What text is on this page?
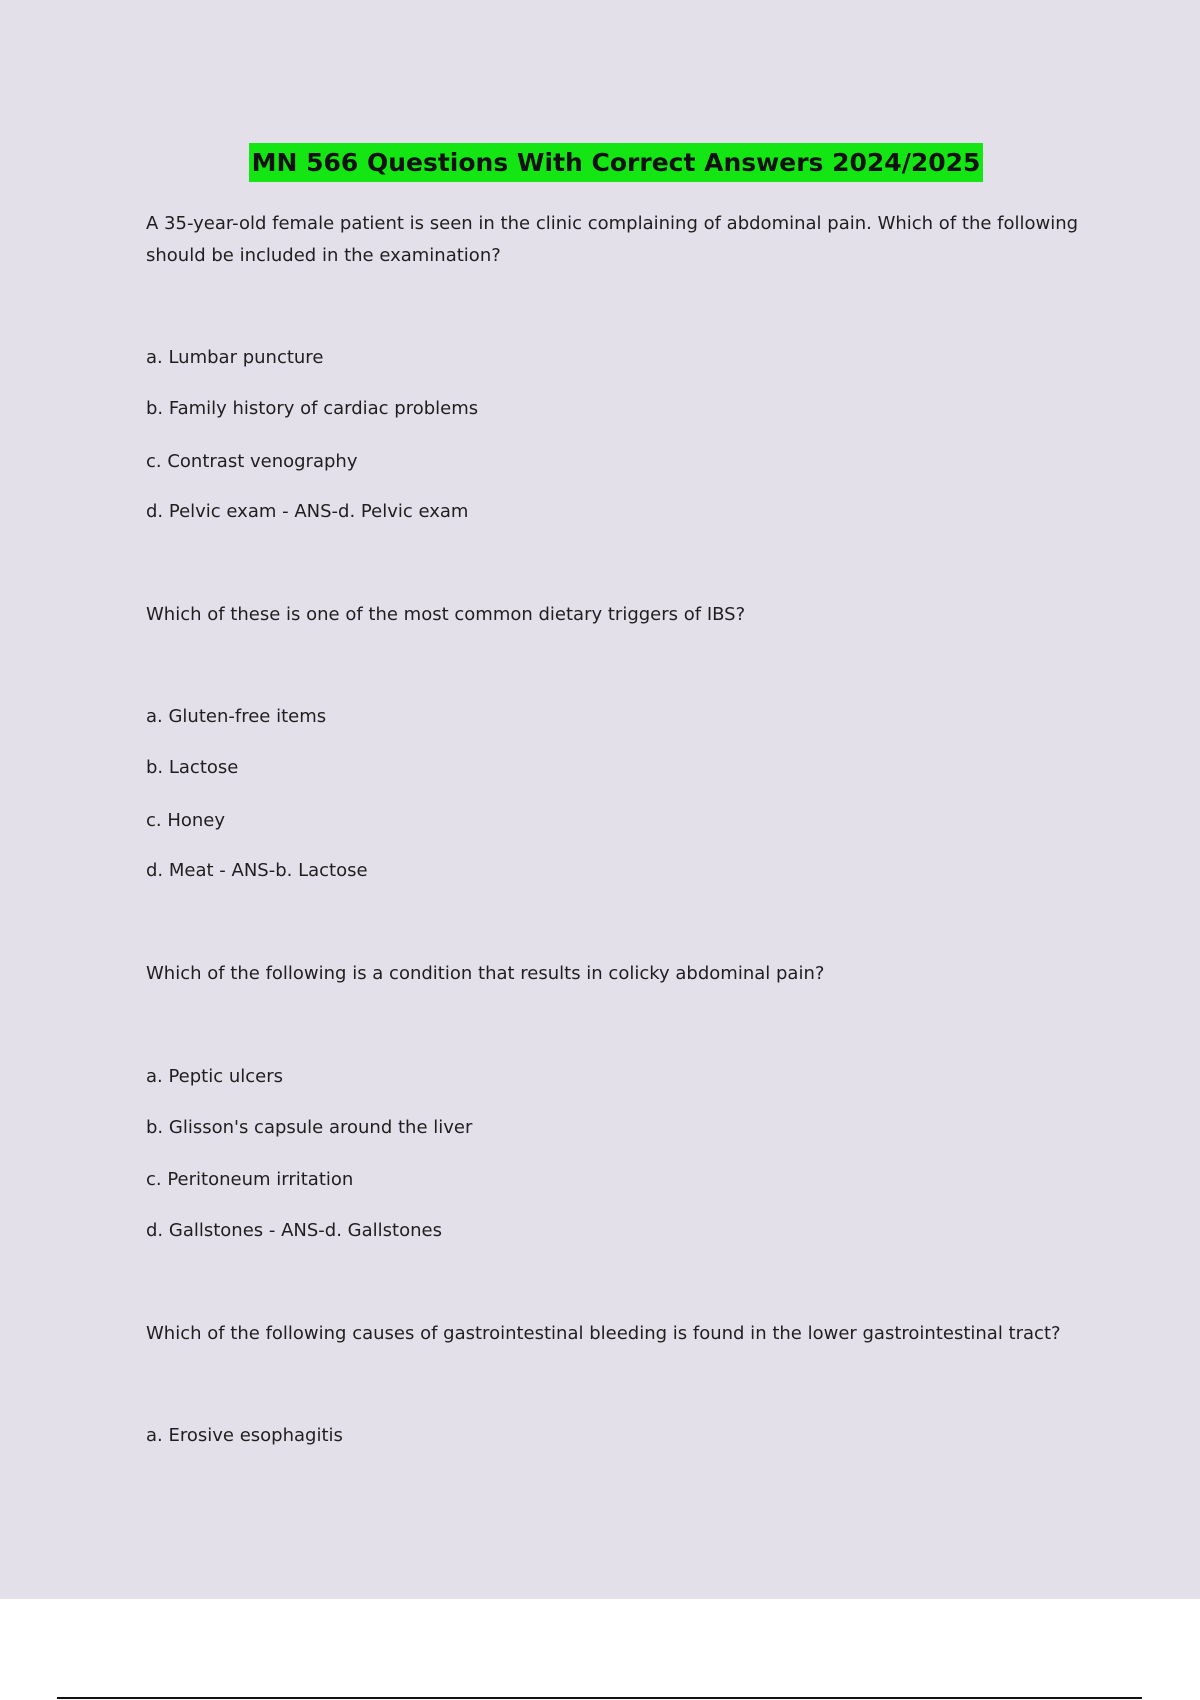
MN 566 Questions With Correct Answers 2024/2025
A 35-year-old female patient is seen in the clinic complaining of abdominal pain. Which of the following
should be included in the examination?
a. Lumbar puncture
b. Family history of cardiac problems
c. Contrast venography
d. Pelvic exam - ANS-d. Pelvic exam
Which of these is one of the most common dietary triggers of IBS?
a. Gluten-free items
b. Lactose
c. Honey
d. Meat - ANS-b. Lactose
Which of the following is a condition that results in colicky abdominal pain?
a. Peptic ulcers
b. Glisson's capsule around the liver
c. Peritoneum irritation
d. Gallstones - ANS-d. Gallstones
Which of the following causes of gastrointestinal bleeding is found in the lower gastrointestinal tract?
a. Erosive esophagitis
